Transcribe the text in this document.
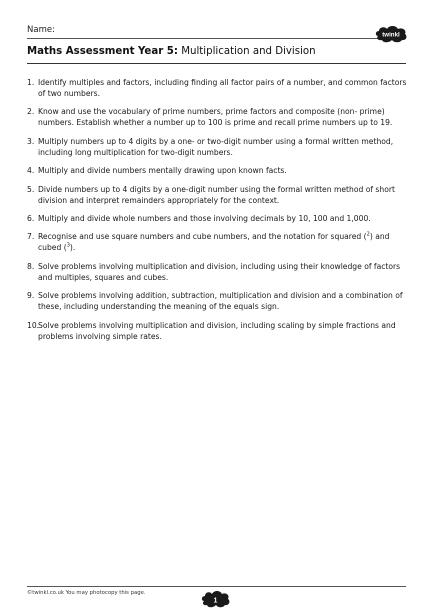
Name:	twinkl
Maths Assessment Year 5: Multiplication and Division
1. Identify multiples and factors, including finding all factor pairs of a number, and common factors of two numbers.
2. Know and use the vocabulary of prime numbers, prime factors and composite (non- prime) numbers. Establish whether a number up to 100 is prime and recall prime numbers up to 19.
3. Multiply numbers up to 4 digits by a one- or two-digit number using a formal written method, including long multiplication for two-digit numbers.
4. Multiply and divide numbers mentally drawing upon known facts.
5. Divide numbers up to 4 digits by a one-digit number using the formal written method of short division and interpret remainders appropriately for the context.
6. Multiply and divide whole numbers and those involving decimals by 10, 100 and 1,000.
7. Recognise and use square numbers and cube numbers, and the notation for squared ($^2$) and cubed ($^3$).
8. Solve problems involving multiplication and division, including using their knowledge of factors and multiples, squares and cubes.
9. Solve problems involving addition, subtraction, multiplication and division and a combination of these, including understanding the meaning of the equals sign.
10.
Solve problems involving multiplication and division, including scaling by simple fractions and problems involving simple rates.
©twinkl.co.uk You may photocopy this page.
1
